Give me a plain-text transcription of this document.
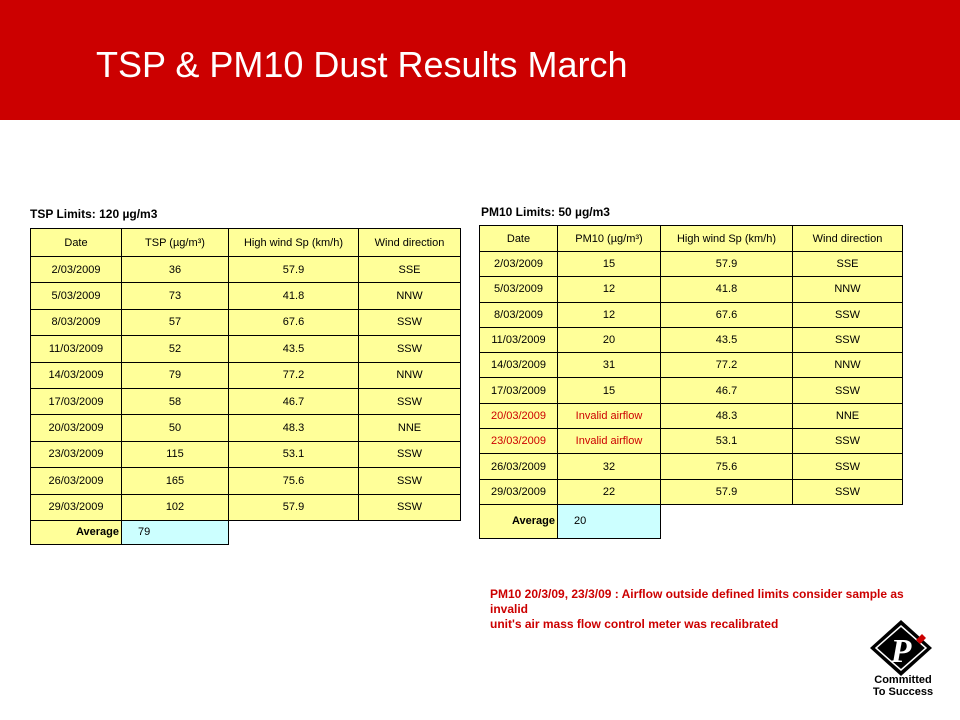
TSP & PM10 Dust Results March
TSP Limits: 120 µg/m3
Date	TSP (µg/m³)	High wind Sp (km/h)	Wind direction
2/03/2009	36	57.9	SSE
5/03/2009	73	41.8	NNW
8/03/2009	57	67.6	SSW
11/03/2009	52	43.5	SSW
14/03/2009	79	77.2	NNW
17/03/2009	58	46.7	SSW
20/03/2009	50	48.3	NNE
23/03/2009	115	53.1	SSW
26/03/2009	165	75.6	SSW
29/03/2009	102	57.9	SSW
Average	79		
PM10 Limits: 50 µg/m3
Date	PM10 (µg/m³)	High wind Sp (km/h)	Wind direction
2/03/2009	15	57.9	SSE
5/03/2009	12	41.8	NNW
8/03/2009	12	67.6	SSW
11/03/2009	20	43.5	SSW
14/03/2009	31	77.2	NNW
17/03/2009	15	46.7	SSW
20/03/2009	Invalid airflow	48.3	NNE
23/03/2009	Invalid airflow	53.1	SSW
26/03/2009	32	75.6	SSW
29/03/2009	22	57.9	SSW
Average	20		
PM10 20/3/09, 23/3/09 : Airflow outside defined limits consider sample as invalid
unit's air mass flow control meter was recalibrated
P
Committed
To Success
